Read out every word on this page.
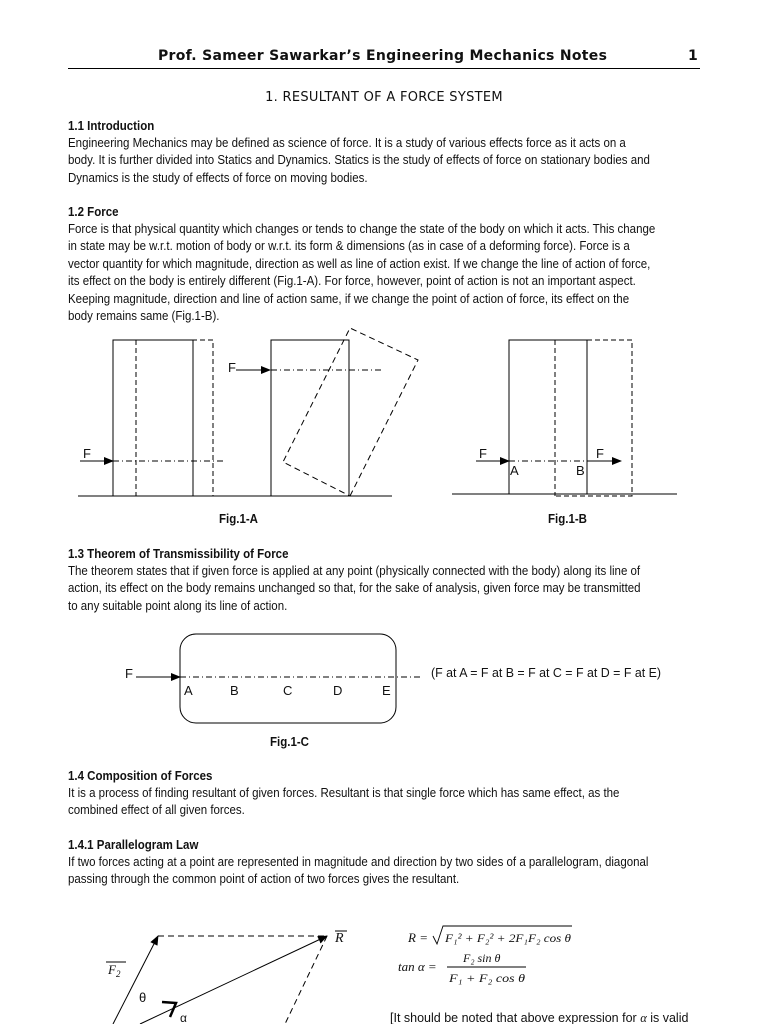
Prof. Sameer Sawarkar’s Engineering Mechanics Notes	1
1. RESULTANT OF A FORCE SYSTEM
1.1 Introduction

Engineering Mechanics may be defined as science of force. It is a study of various effects force as it acts on a

body. It is further divided into Statics and Dynamics. Statics is the study of effects of force on stationary bodies and

Dynamics is the study of effects of force on moving bodies.

1.2 Force

Force is that physical quantity which changes or tends to change the state of the body on which it acts. This change

in state may be w.r.t. motion of body or w.r.t. its form & dimensions (as in case of a deforming force). Force is a

vector quantity for which magnitude, direction as well as line of action exist. If we change the line of action of force,

its effect on the body is entirely different (Fig.1-A). For force, however, point of action is not an important aspect.

Keeping magnitude, direction and line of action same, if we change the point of action of force, its effect on the

body remains same (Fig.1-B).

F
F
F	F
A	B
F
A	B	C	D	E
(F at A = F at B = F at C = F at D = F at E)
$F_2$
R
θ
α
R = F₁² + F₂² + 2F₁F₂ cos θ
tan α =
F₂ sin θ
F₁ + F₂ cos θ
[It should be noted that above expression for α is valid
Fig.1-A	Fig.1-B
1.3 Theorem of Transmissibility of Force

The theorem states that if given force is applied at any point (physically connected with the body) along its line of

action, its effect on the body remains unchanged so that, for the sake of analysis, given force may be transmitted

to any suitable point along its line of action.

Fig.1-C
1.4 Composition of Forces

It is a process of finding resultant of given forces. Resultant is that single force which has same effect, as the

combined effect of all given forces.

1.4.1 Parallelogram Law

If two forces acting at a point are represented in magnitude and direction by two sides of a parallelogram, diagonal

passing through the common point of action of two forces gives the resultant.
